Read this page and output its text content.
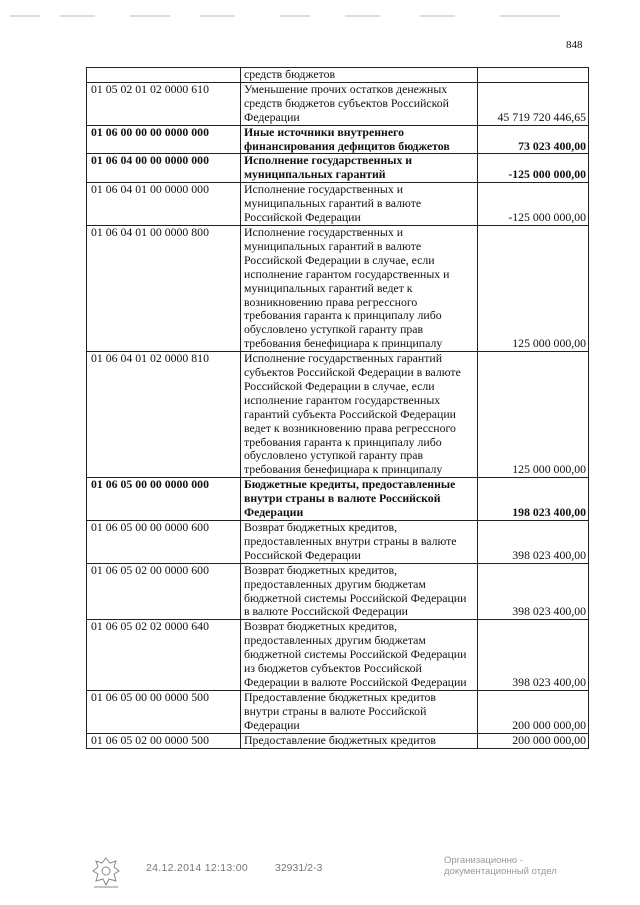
848
	средств бюджетов	
01 05 02 01 02 0000 610	Уменьшение прочих остатков денежных средств бюджетов субъектов Российской Федерации	45 719 720 446,65
01 06 00 00 00 0000 000	Иные источники внутреннего финансирования дефицитов бюджетов	73 023 400,00
01 06 04 00 00 0000 000	Исполнение государственных и муниципальных гарантий	-125 000 000,00
01 06 04 01 00 0000 000	Исполнение государственных и муниципальных гарантий в валюте Российской Федерации	-125 000 000,00
01 06 04 01 00 0000 800	Исполнение государственных и муниципальных гарантий в валюте Российской Федерации в случае, если исполнение гарантом государственных и муниципальных гарантий ведет к возникновению права регрессного требования гаранта к принципалу либо обусловлено уступкой гаранту прав требования бенефициара к принципалу	125 000 000,00
01 06 04 01 02 0000 810	Исполнение государственных гарантий субъектов Российской Федерации в валюте Российской Федерации в случае, если исполнение гарантом государственных гарантий субъекта Российской Федерации ведет к возникновению права регрессного требования гаранта к принципалу либо обусловлено уступкой гаранту прав требования бенефициара к принципалу	125 000 000,00
01 06 05 00 00 0000 000	Бюджетные кредиты, предоставленные внутри страны в валюте Российской Федерации	198 023 400,00
01 06 05 00 00 0000 600	Возврат бюджетных кредитов, предоставленных внутри страны в валюте Российской Федерации	398 023 400,00
01 06 05 02 00 0000 600	Возврат бюджетных кредитов, предоставленных другим бюджетам бюджетной системы Российской Федерации в валюте Российской Федерации	398 023 400,00
01 06 05 02 02 0000 640	Возврат бюджетных кредитов, предоставленных другим бюджетам бюджетной системы Российской Федерации из бюджетов субъектов Российской Федерации в валюте Российской Федерации	398 023 400,00
01 06 05 00 00 0000 500	Предоставление бюджетных кредитов внутри страны в валюте Российской Федерации	200 000 000,00
01 06 05 02 00 0000 500	Предоставление бюджетных кредитов	200 000 000,00
24.12.2014 12:13:00	32931/2-3
Организационно -
документационный отдел
